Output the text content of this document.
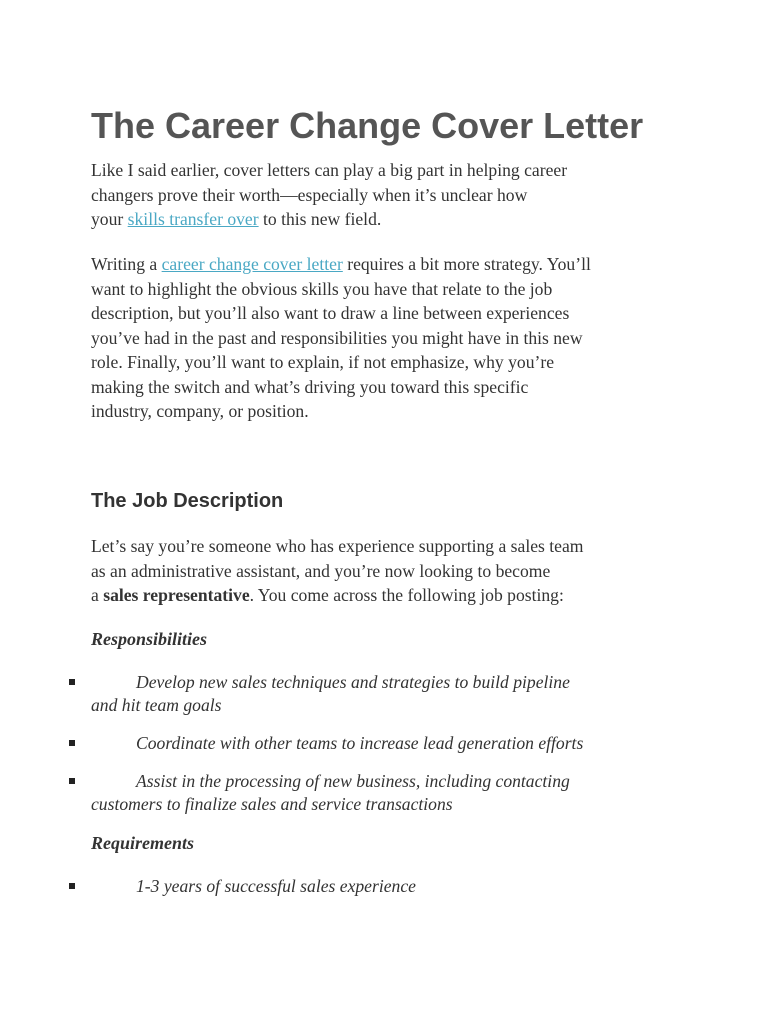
The Career Change Cover Letter

Like I said earlier, cover letters can play a big part in helping career
changers prove their worth—especially when it’s unclear how
your skills transfer over to this new field.

Writing a career change cover letter requires a bit more strategy. You’ll
want to highlight the obvious skills you have that relate to the job
description, but you’ll also want to draw a line between experiences
you’ve had in the past and responsibilities you might have in this new
role. Finally, you’ll want to explain, if not emphasize, why you’re
making the switch and what’s driving you toward this specific
industry, company, or position.

The Job Description

Let’s say you’re someone who has experience supporting a sales team
as an administrative assistant, and you’re now looking to become
a sales representative. You come across the following job posting:

Responsibilities
Develop new sales techniques and strategies to build pipeline
and hit team goals
Coordinate with other teams to increase lead generation efforts
Assist in the processing of new business, including contacting
customers to finalize sales and service transactions
Requirements
1-3 years of successful sales experience
